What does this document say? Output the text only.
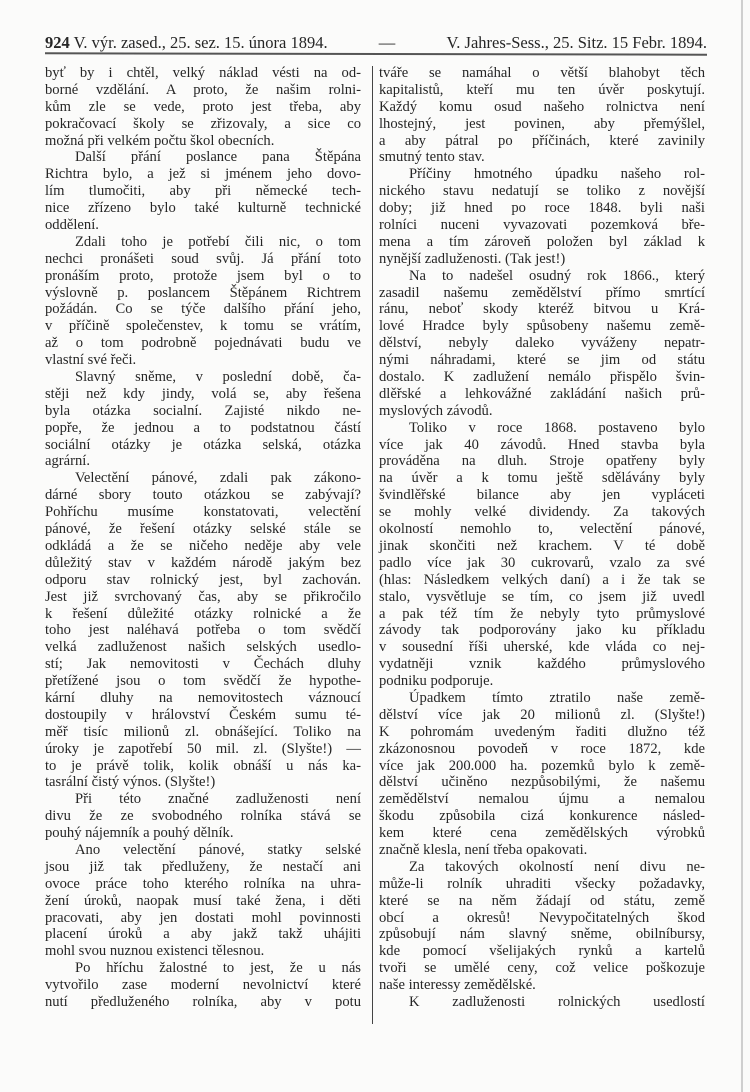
924 V. výr. zased., 25. sez. 15. února 1894.	—	V. Jahres-Sess., 25. Sitz. 15 Febr. 1894.
byť by i chtěl, velký náklad vésti na od-
borné vzdělání. A proto, že našim rolni-
kům zle se vede, proto jest třeba, aby
pokračovací školy se zřizovaly, a sice co
možná při velkém počtu škol obecních.
Další přání poslance pana Štěpána
Richtra bylo, a jež si jménem jeho dovo-
lím tlumočiti, aby při německé tech-
nice zřízeno bylo také kulturně technické
oddělení.
Zdali toho je potřebí čili nic, o tom
nechci pronášeti soud svůj. Já přání toto
pronáším proto, protože jsem byl o to
výslovně p. poslancem Štěpánem Richtrem
požádán. Co se týče dalšího přání jeho,
v příčině společenstev, k tomu se vrátím,
až o tom podrobně pojednávati budu ve
vlastní své řeči.
Slavný sněme, v poslední době, ča-
stěji než kdy jindy, volá se, aby řešena
byla otázka socialní. Zajisté nikdo ne-
popře, že jednou a to podstatnou částí
sociální otázky je otázka selská, otázka
agrární.
Velectění pánové, zdali pak zákono-
dárné sbory touto otázkou se zabývají?
Pohříchu musíme konstatovati, velectění
pánové, že řešení otázky selské stále se
odkládá a že se ničeho neděje aby vele
důležitý stav v každém národě jakým bez
odporu stav rolnický jest, byl zachován.
Jest již svrchovaný čas, aby se přikročilo
k řešení důležité otázky rolnické a že
toho jest naléhavá potřeba o tom svědčí
velká zadluženost našich selských usedlo-
stí; Jak nemovitosti v Čechách dluhy
přetížené jsou o tom svědčí že hypothe-
kární dluhy na nemovitostech váznoucí
dostoupily v hrálovství Českém sumu té-
měř tisíc milionů zl. obnášející. Toliko na
úroky je zapotřebí 50 mil. zl. (Slyšte!) —
to je právě tolik, kolik obnáší u nás ka-
tasrální čistý výnos. (Slyšte!)
Při této značné zadluženosti není
divu že ze svobodného rolníka stává se
pouhý nájemník a pouhý dělník.
Ano velectění pánové, statky selské
jsou již tak předluženy, že nestačí ani
ovoce práce toho kterého rolníka na uhra-
žení úroků, naopak musí také žena, i děti
pracovati, aby jen dostati mohl povinnosti
placení úroků a aby jakž takž uhájiti
mohl svou nuznou existenci tělesnou.
Po hříchu žalostné to jest, že u nás
vytvořilo zase moderní nevolnictví které
nutí předluženého rolníka, aby v potu
tváře se namáhal o větší blahobyt těch
kapitalistů, kteří mu ten úvěr poskytují.
Každý komu osud našeho rolnictva není
lhostejný, jest povinen, aby přemýšlel,
a aby pátral po příčinách, které zavinily
smutný tento stav.
Příčiny hmotného úpadku našeho rol-
nického stavu nedatují se toliko z novější
doby; již hned po roce 1848. byli naši
rolníci nuceni vyvazovati pozemková bře-
mena a tím zároveň položen byl základ k
nynější zadluženosti. (Tak jest!)
Na to nadešel osudný rok 1866., který
zasadil našemu zemědělství přímo smrtící
ránu, neboť skody kteréž bitvou u Krá-
lové Hradce byly spůsobeny našemu země-
dělství, nebyly daleko vyváženy nepatr-
nými náhradami, které se jim od státu
dostalo. K zadlužení nemálo přispělo švin-
dlěřské a lehkovážné zakládání našich prů-
myslových závodů.
Toliko v roce 1868. postaveno bylo
více jak 40 závodů. Hned stavba byla
prováděna na dluh. Stroje opatřeny byly
na úvěr a k tomu ještě sdělávány byly
švindlěřské bilance aby jen vypláceti
se mohly velké dividendy. Za takových
okolností nemohlo to, velectění pánové,
jinak skončiti než krachem. V té době
padlo více jak 30 cukrovarů, vzalo za své
(hlas: Následkem velkých daní) a i že tak se
stalo, vysvětluje se tím, co jsem již uvedl
a pak též tím že nebyly tyto průmyslové
závody tak podporovány jako ku příkladu
v sousední říši uherské, kde vláda co nej-
vydatněji vznik každého průmyslového
podniku podporuje.
Úpadkem tímto ztratilo naše země-
dělství více jak 20 milionů zl. (Slyšte!)
K pohromám uvedeným řaditi dlužno též
zkázonosnou povodeň v roce 1872, kde
více jak 200.000 ha. pozemků bylo k země-
dělství učiněno nezpůsobilými, že našemu
zemědělství nemalou újmu a nemalou
škodu způsobila cizá konkurence násled-
kem které cena zemědělských výrobků
značně klesla, není třeba opakovati.
Za takových okolností není divu ne-
může-li rolník uhraditi všecky požadavky,
které se na něm žádají od státu, země
obcí a okresů! Nevypočitatelných škod
způsobují nám slavný sněme, obilníbursy,
kde pomocí všelijakých rynků a kartelů
tvoři se umělé ceny, což velice poškozuje
naše interessy zemědělské.
K zadluženosti rolnických usedlostí
